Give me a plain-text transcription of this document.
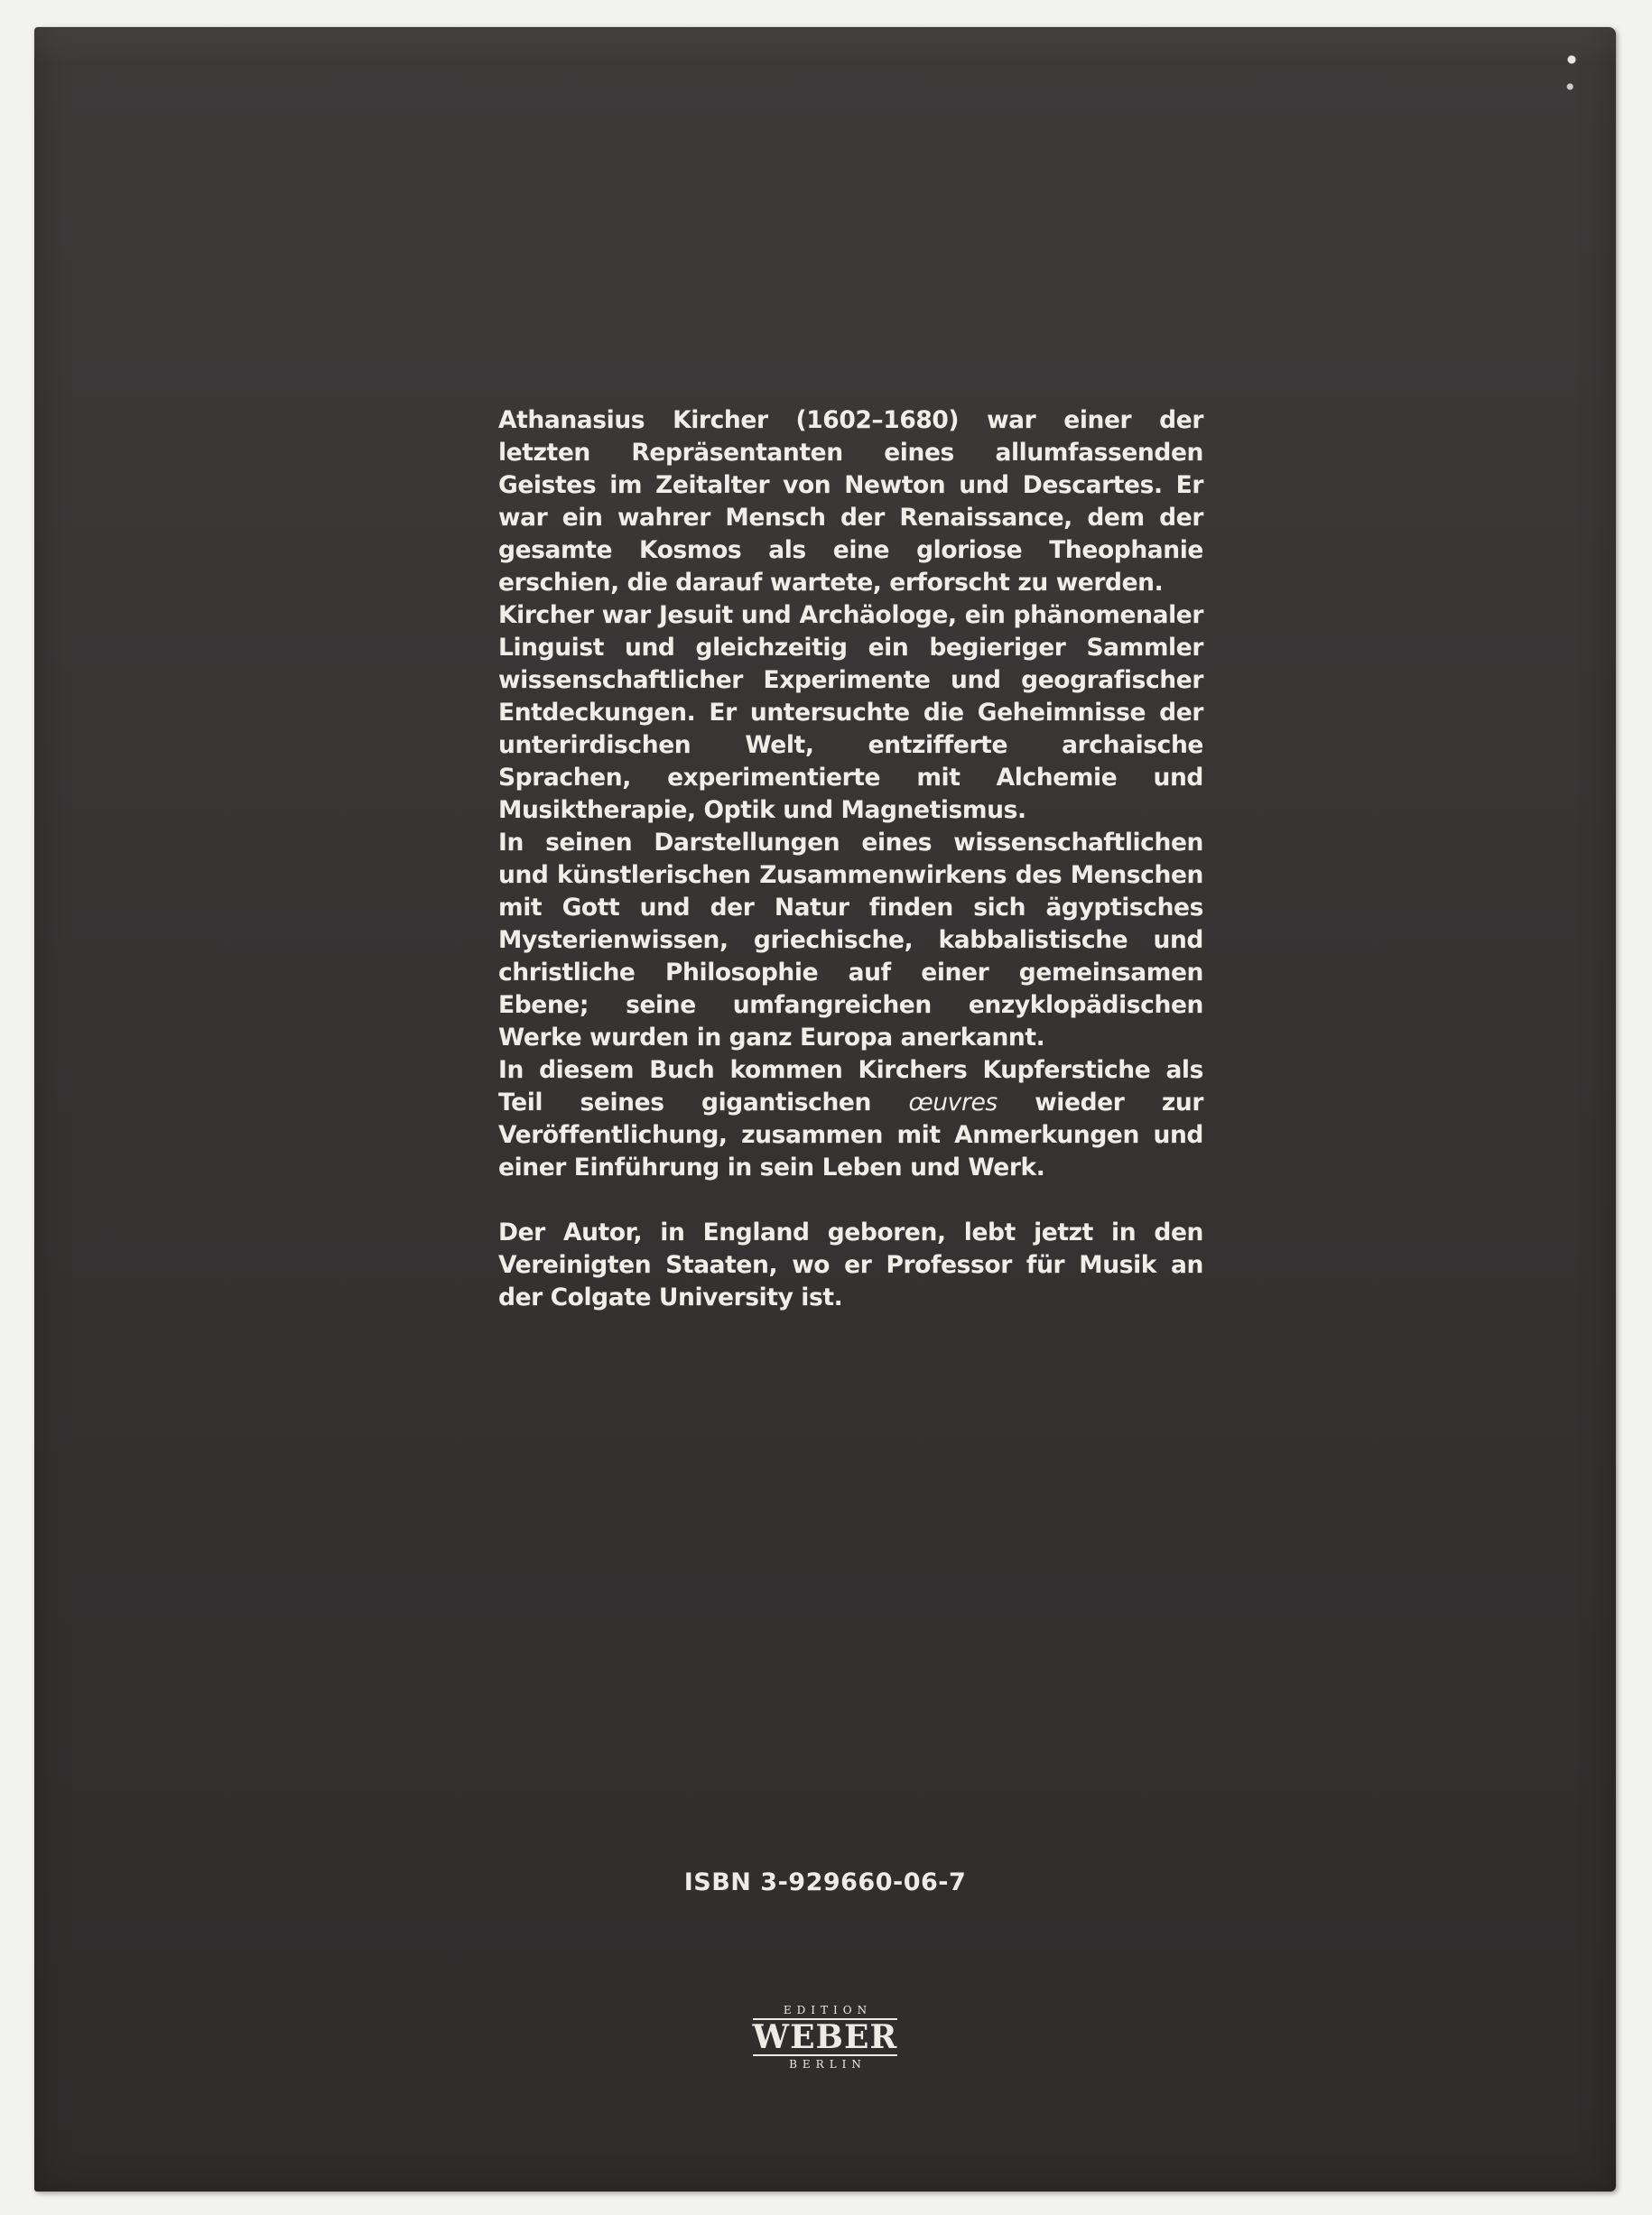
Athanasius Kircher (1602–1680) war einer der letzten Repräsentanten eines allumfassenden Geistes im Zeitalter von Newton und Descartes. Er war ein wahrer Mensch der Renaissance, dem der gesamte Kosmos als eine gloriose Theophanie erschien, die darauf wartete, erforscht zu werden.

Kircher war Jesuit und Archäologe, ein phänomenaler Linguist und gleichzeitig ein begieriger Sammler wissenschaftlicher Experimente und geografischer Entdeckungen. Er untersuchte die Geheimnisse der unterirdischen Welt, entzifferte archaische Sprachen, experimentierte mit Alchemie und Musiktherapie, Optik und Magnetismus.

In seinen Darstellungen eines wissenschaftlichen und künstlerischen Zusammenwirkens des Menschen mit Gott und der Natur finden sich ägyptisches Mysterienwissen, griechische, kabbalistische und christliche Philosophie auf einer gemeinsamen Ebene; seine umfangreichen enzyklopädischen Werke wurden in ganz Europa anerkannt.

In diesem Buch kommen Kirchers Kupferstiche als Teil seines gigantischen œuvres wieder zur Veröffentlichung, zusammen mit Anmerkungen und einer Einführung in sein Leben und Werk.

Der Autor, in England geboren, lebt jetzt in den Vereinigten Staaten, wo er Professor für Musik an der Colgate University ist.

ISBN 3-929660-06-7
EDITION
WEBER
BERLIN
